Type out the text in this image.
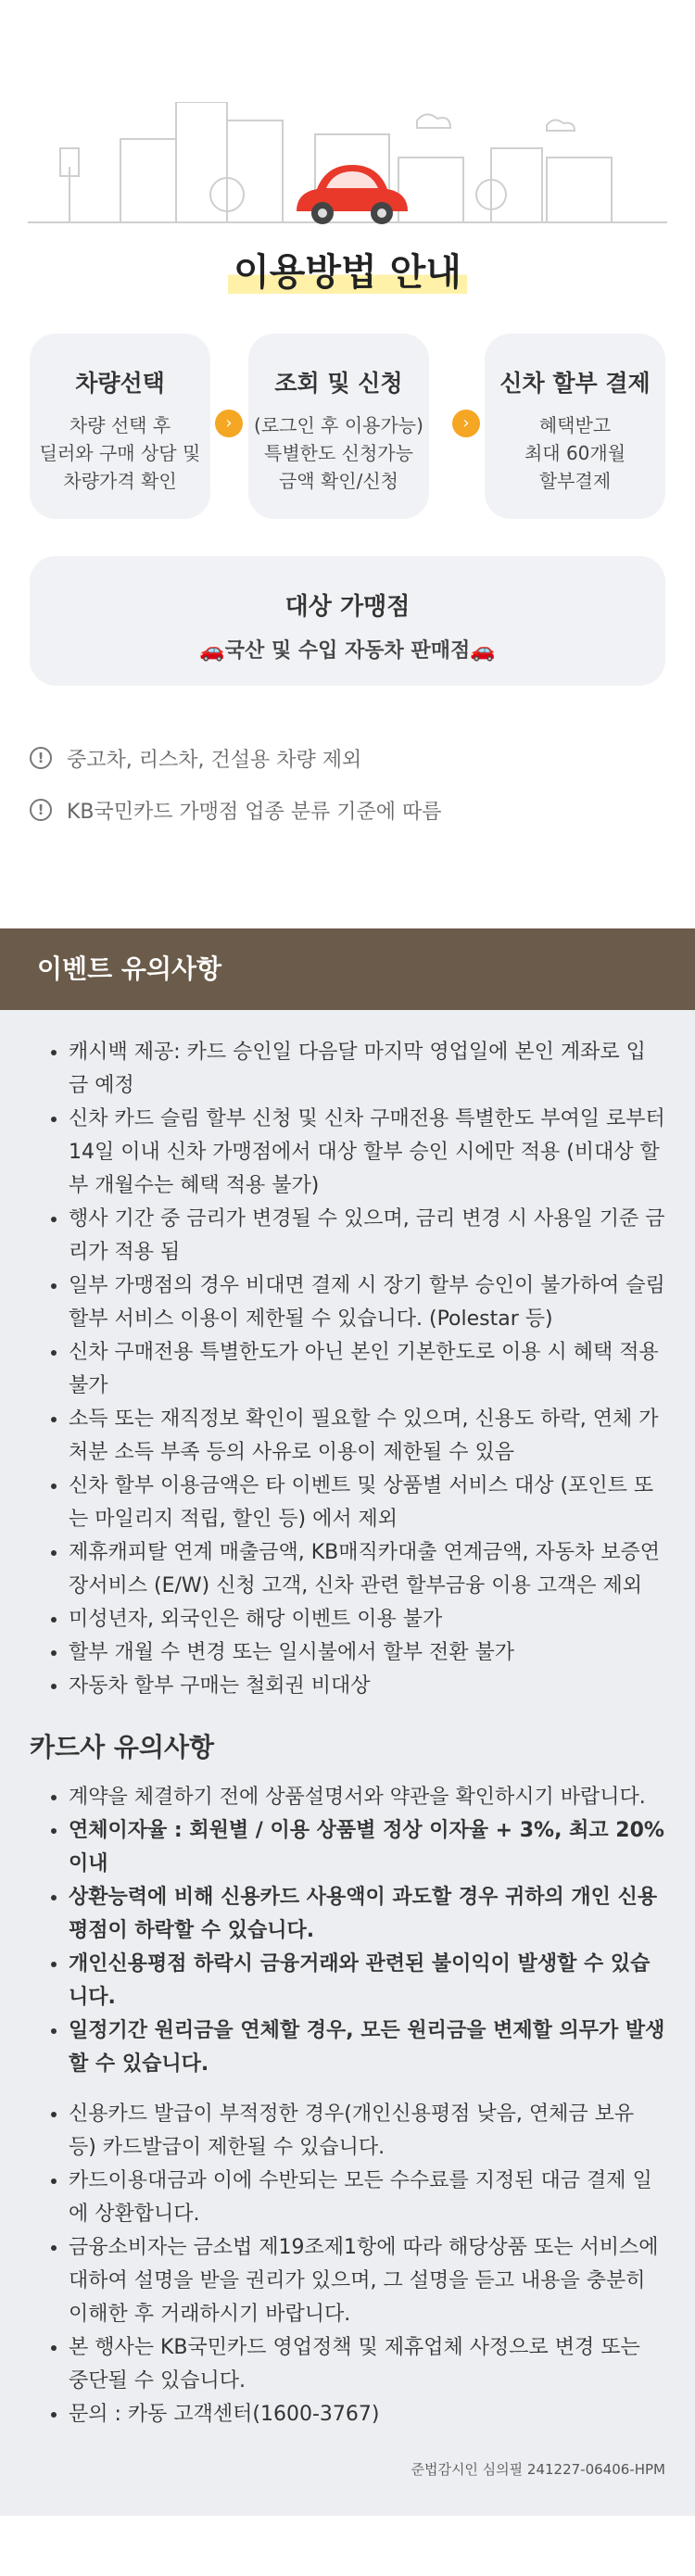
이용방법 안내
차량선택
차량 선택 후
딜러와 구매 상담 및
차량가격 확인
›
조회 및 신청
(로그인 후 이용가능)
특별한도 신청가능
금액 확인/신청
›
신차 할부 결제
혜택받고
최대 60개월
할부결제
대상 가맹점
🚗국산 및 수입 자동차 판매점🚗
!	중고차, 리스차, 건설용 차량 제외
!	KB국민카드 가맹점 업종 분류 기준에 따름
이벤트 유의사항
• 캐시백 제공: 카드 승인일 다음달 마지막 영업일에 본인 계좌로 입금 예정
• 신차 카드 슬림 할부 신청 및 신차 구매전용 특별한도 부여일 로부터 14일 이내 신차 가맹점에서 대상 할부 승인 시에만 적용 (비대상 할부 개월수는 혜택 적용 불가)
• 행사 기간 중 금리가 변경될 수 있으며, 금리 변경 시 사용일 기준 금리가 적용 됨
• 일부 가맹점의 경우 비대면 결제 시 장기 할부 승인이 불가하여 슬림 할부 서비스 이용이 제한될 수 있습니다. (Polestar 등)
• 신차 구매전용 특별한도가 아닌 본인 기본한도로 이용 시 혜택 적용 불가
• 소득 또는 재직정보 확인이 필요할 수 있으며, 신용도 하락, 연체 가처분 소득 부족 등의 사유로 이용이 제한될 수 있음
• 신차 할부 이용금액은 타 이벤트 및 상품별 서비스 대상 (포인트 또는 마일리지 적립, 할인 등) 에서 제외
• 제휴캐피탈 연계 매출금액, KB매직카대출 연계금액, 자동차 보증연장서비스 (E/W) 신청 고객, 신차 관련 할부금융 이용 고객은 제외
• 미성년자, 외국인은 해당 이벤트 이용 불가
• 할부 개월 수 변경 또는 일시불에서 할부 전환 불가
• 자동차 할부 구매는 철회권 비대상
카드사 유의사항
• 계약을 체결하기 전에 상품설명서와 약관을 확인하시기 바랍니다.
• 연체이자율 : 회원별 / 이용 상품별 정상 이자율 + 3%, 최고 20% 이내
• 상환능력에 비해 신용카드 사용액이 과도할 경우 귀하의 개인 신용평점이 하락할 수 있습니다.
• 개인신용평점 하락시 금융거래와 관련된 불이익이 발생할 수 있습니다.
• 일정기간 원리금을 연체할 경우, 모든 원리금을 변제할 의무가 발생할 수 있습니다.
• 신용카드 발급이 부적정한 경우(개인신용평점 낮음, 연체금 보유 등) 카드발급이 제한될 수 있습니다.
• 카드이용대금과 이에 수반되는 모든 수수료를 지정된 대금 결제 일에 상환합니다.
• 금융소비자는 금소법 제19조제1항에 따라 해당상품 또는 서비스에 대하여 설명을 받을 권리가 있으며, 그 설명을 듣고 내용을 충분히 이해한 후 거래하시기 바랍니다.
• 본 행사는 KB국민카드 영업정책 및 제휴업체 사정으로 변경 또는 중단될 수 있습니다.
• 문의 : 카동 고객센터(1600-3767)
준법감시인 심의필 241227-06406-HPM
